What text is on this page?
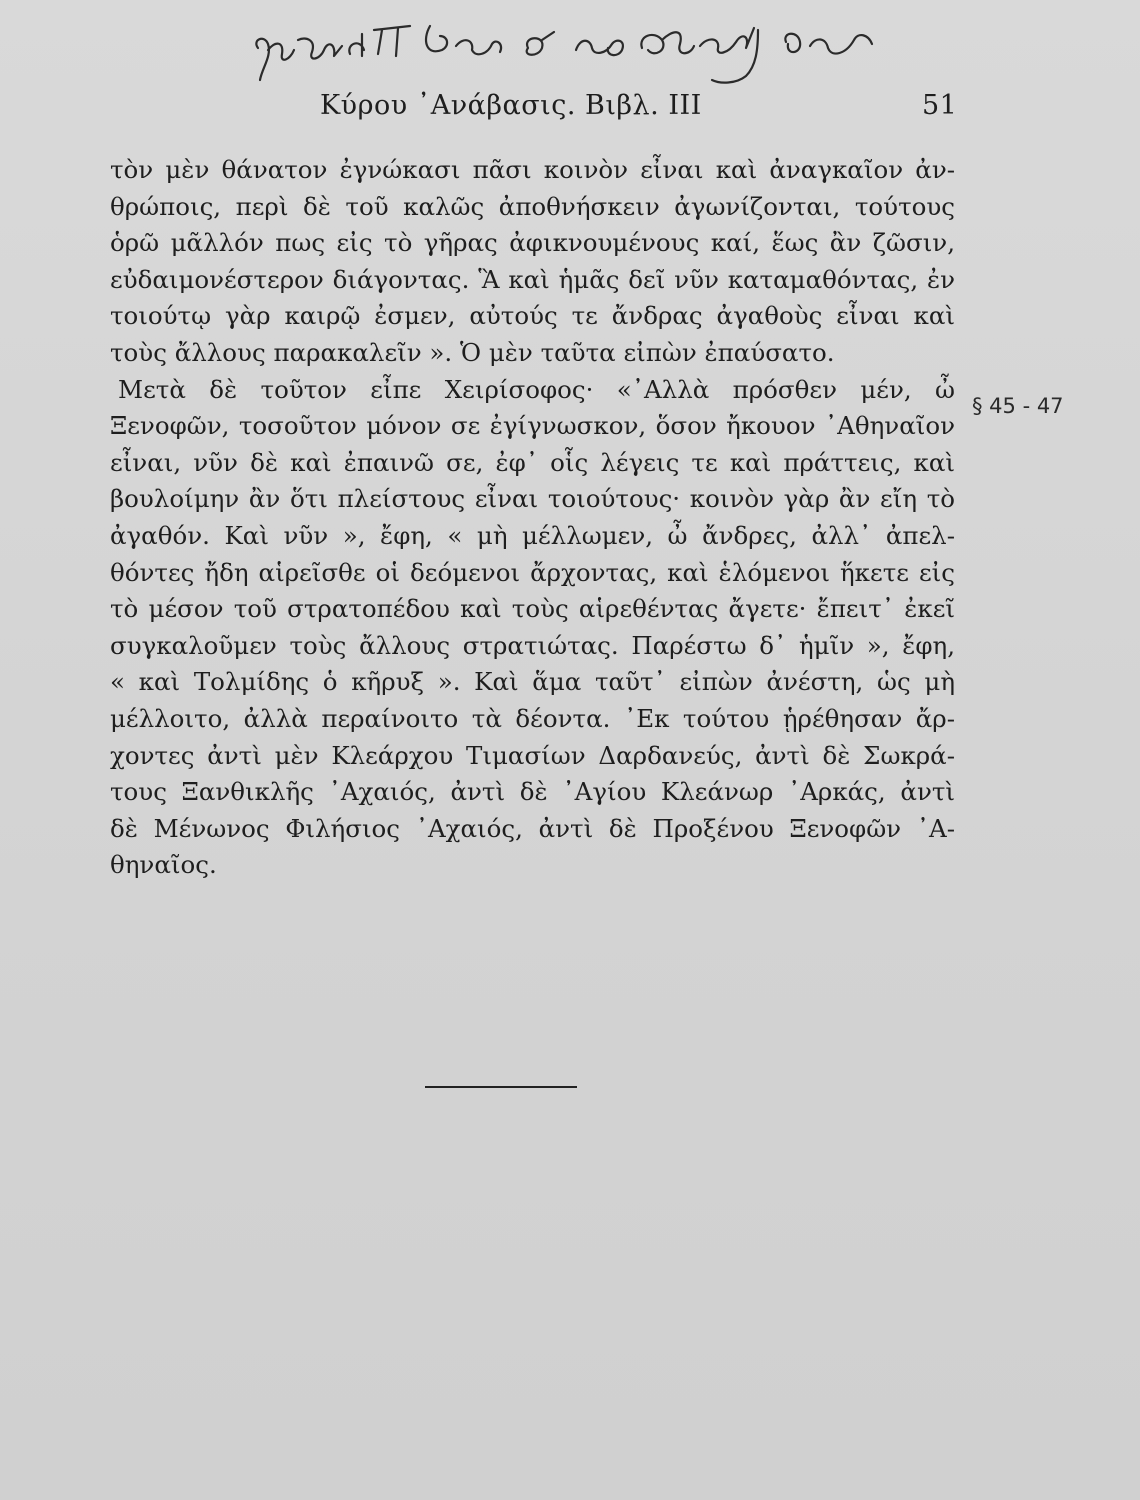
Κύρου ᾿Ανάβασις. Βιβλ. III	51
τὸν μὲν θάνατον ἐγνώκασι πᾶσι κοινὸν εἶναι καὶ ἀναγκαῖον ἀν-
θρώποις, περὶ δὲ τοῦ καλῶς ἀποθνήσκειν ἀγωνίζονται, τούτους
ὁρῶ μᾶλλόν πως εἰς τὸ γῆρας ἀφικνουμένους καί, ἕως ἂν ζῶσιν,
εὐδαιμονέστερον διάγοντας. Ἃ καὶ ἡμᾶς δεῖ νῦν καταμαθόντας, ἐν
τοιούτῳ γὰρ καιρῷ ἐσμεν, αὐτούς τε ἄνδρας ἀγαθοὺς εἶναι καὶ
τοὺς ἄλλους παρακαλεῖν ». Ὁ μὲν ταῦτα εἰπὼν ἐπαύσατο.
Μετὰ δὲ τοῦτον εἶπε Χειρίσοφος· «᾿Αλλὰ πρόσθεν μέν, ὦ
Ξενοφῶν, τοσοῦτον μόνον σε ἐγίγνωσκον, ὅσον ἤκουον ᾿Αθηναῖον
εἶναι, νῦν δὲ καὶ ἐπαινῶ σε, ἐφ᾿ οἷς λέγεις τε καὶ πράττεις, καὶ
βουλοίμην ἂν ὅτι πλείστους εἶναι τοιούτους· κοινὸν γὰρ ἂν εἴη τὸ
ἀγαθόν. Καὶ νῦν », ἔφη, « μὴ μέλλωμεν, ὦ ἄνδρες, ἀλλ᾿ ἀπελ-
θόντες ἤδη αἱρεῖσθε οἱ δεόμενοι ἄρχοντας, καὶ ἑλόμενοι ἥκετε εἰς
τὸ μέσον τοῦ στρατοπέδου καὶ τοὺς αἱρεθέντας ἄγετε· ἔπειτ᾿ ἐκεῖ
συγκαλοῦμεν τοὺς ἄλλους στρατιώτας. Παρέστω δ᾿ ἡμῖν », ἔφη,
« καὶ Τολμίδης ὁ κῆρυξ ». Καὶ ἅμα ταῦτ᾿ εἰπὼν ἀνέστη, ὡς μὴ
μέλλοιτο, ἀλλὰ περαίνοιτο τὰ δέοντα. ᾿Εκ τούτου ᾑρέθησαν ἄρ-
χοντες ἀντὶ μὲν Κλεάρχου Τιμασίων Δαρδανεύς, ἀντὶ δὲ Σωκρά-
τους Ξανθικλῆς ᾿Αχαιός, ἀντὶ δὲ ᾿Αγίου Κλεάνωρ ᾿Αρκάς, ἀντὶ
δὲ Μένωνος Φιλήσιος ᾿Αχαιός, ἀντὶ δὲ Προξένου Ξενοφῶν ᾿Α-
θηναῖος.
§ 45 - 47
